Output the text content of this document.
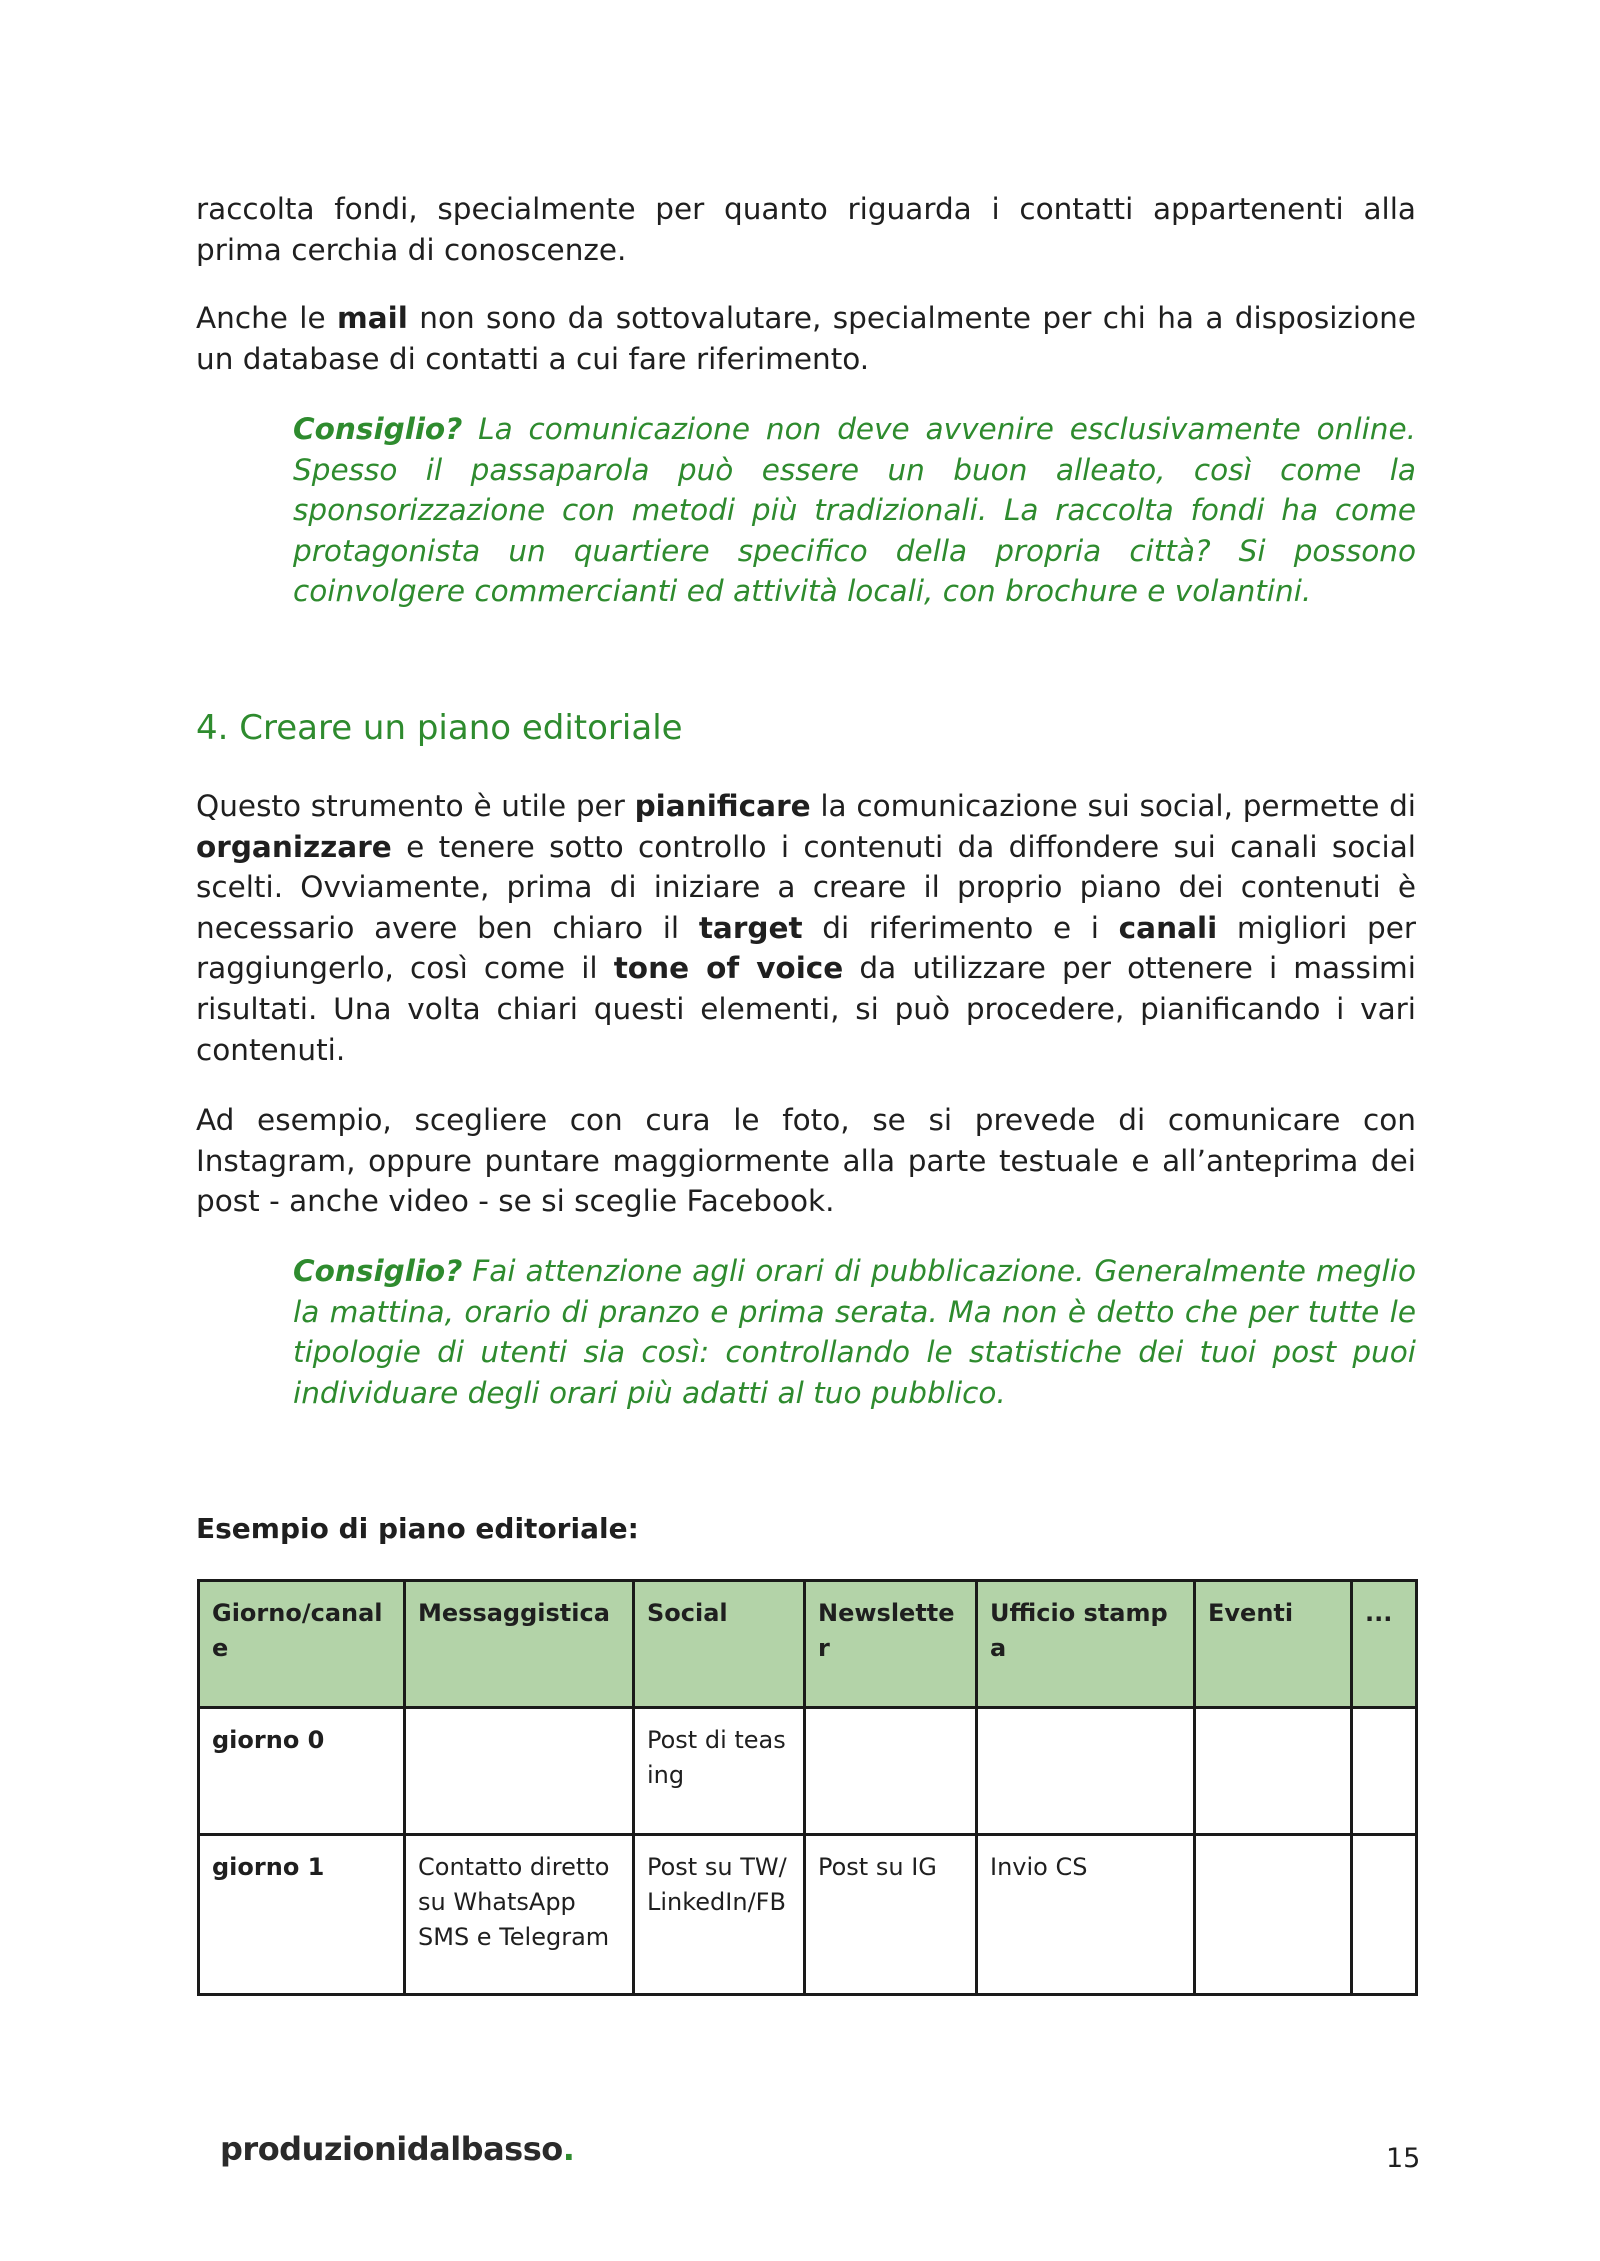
raccolta fondi, specialmente per quanto riguarda i contatti appartenenti alla prima cerchia di conoscenze.

Anche le mail non sono da sottovalutare, specialmente per chi ha a disposizione un database di contatti a cui fare riferimento.

Consiglio? La comunicazione non deve avvenire esclusivamente online. Spesso il passaparola può essere un buon alleato, così come la sponsorizzazione con metodi più tradizionali. La raccolta fondi ha come protagonista un quartiere specifico della propria città? Si possono coinvolgere commercianti ed attività locali, con brochure e volantini.

4. Creare un piano editoriale

Questo strumento è utile per pianificare la comunicazione sui social, permette di organizzare e tenere sotto controllo i contenuti da diffondere sui canali social scelti. Ovviamente, prima di iniziare a creare il proprio piano dei contenuti è necessario avere ben chiaro il target di riferimento e i canali migliori per raggiungerlo, così come il tone of voice da utilizzare per ottenere i massimi risultati. Una volta chiari questi elementi, si può procedere, pianificando i vari contenuti.

Ad esempio, scegliere con cura le foto, se si prevede di comunicare con Instagram, oppure puntare maggiormente alla parte testuale e all’anteprima dei post - anche video - se si sceglie Facebook.

Consiglio? Fai attenzione agli orari di pubblicazione. Generalmente meglio la mattina, orario di pranzo e prima serata. Ma non è detto che per tutte le tipologie di utenti sia così: controllando le statistiche dei tuoi post puoi individuare degli orari più adatti al tuo pubblico.

Esempio di piano editoriale:
Giorno/canale	Messaggistica	Social	Newsletter	Ufficio stampa	Eventi	...
giorno 0		Post di teasing				
giorno 1	Contatto diretto su WhatsApp SMS e Telegram	Post su TW/LinkedIn/FB	Post su IG	Invio CS		
produzionidalbasso.	15
